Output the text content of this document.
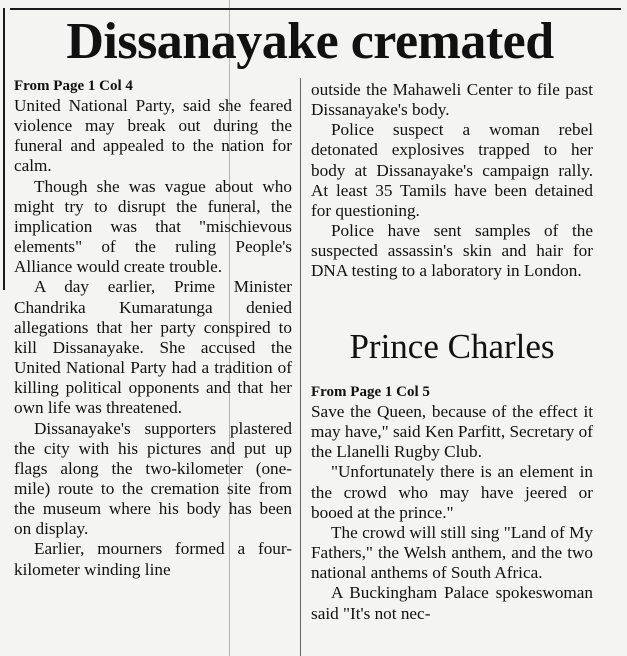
Dissanayake cremated

From Page 1 Col 4

United National Party, said she feared violence may break out during the funeral and appealed to the nation for calm.

Though she was vague about who might try to disrupt the funeral, the implication was that "mischievous elements" of the ruling People's Alliance would create trouble.

A day earlier, Prime Minister Chandrika Kumaratunga denied allegations that her party conspired to kill Dissanayake. She accused the United National Party had a tradition of killing political opponents and that her own life was threatened.

Dissanayake's supporters plastered the city with his pictures and put up flags along the two-kilometer (one-mile) route to the cremation site from the museum where his body has been on display.

Earlier, mourners formed a four-kilometer winding line

outside the Mahaweli Center to file past Dissanayake's body.

Police suspect a woman rebel detonated explosives trapped to her body at Dissanayake's campaign rally. At least 35 Tamils have been detained for questioning.

Police have sent samples of the suspected assassin's skin and hair for DNA testing to a laboratory in London.

Prince Charles

From Page 1 Col 5

Save the Queen, because of the effect it may have," said Ken Parfitt, Secretary of the Llanelli Rugby Club.

"Unfortunately there is an element in the crowd who may have jeered or booed at the prince."

The crowd will still sing "Land of My Fathers," the Welsh anthem, and the two national anthems of South Africa.

A Buckingham Palace spokeswoman said "It's not nec-
